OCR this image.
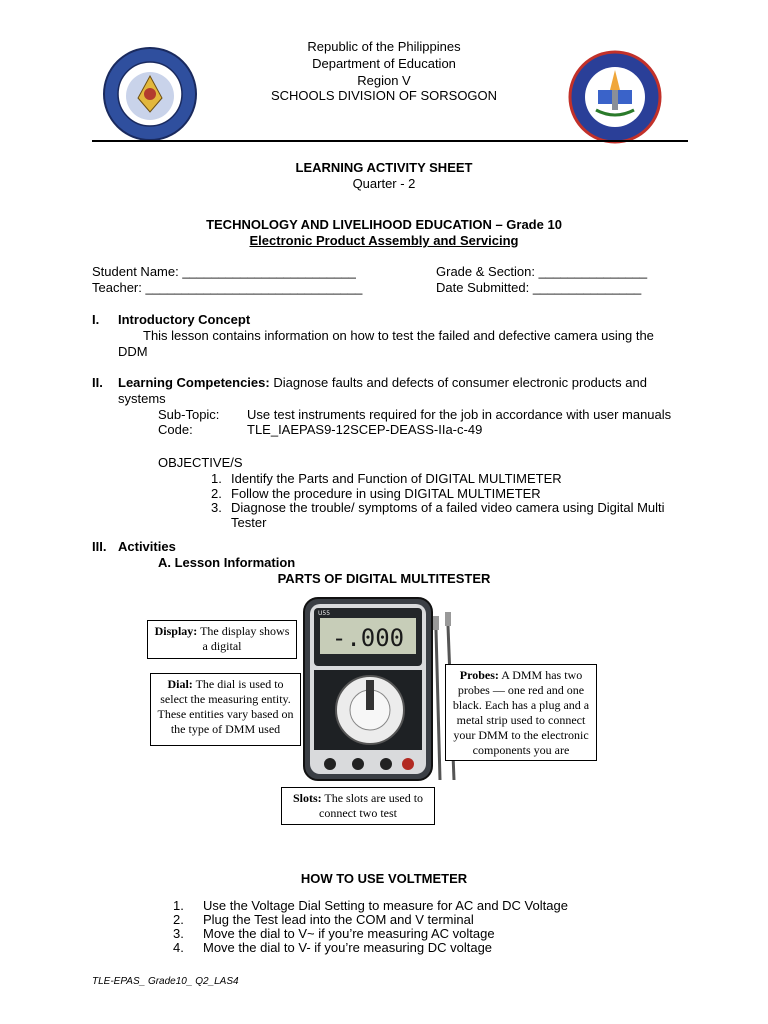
Republic of the Philippines
Department of Education
Region V
SCHOOLS DIVISION OF SORSOGON
LEARNING ACTIVITY SHEET
Quarter - 2
TECHNOLOGY AND LIVELIHOOD EDUCATION – Grade 10
Electronic Product Assembly and Servicing
Student Name: ________________________
Teacher: ______________________________
Grade & Section: _______________
Date Submitted: _______________
I. Introductory Concept
This lesson contains information on how to test the failed and defective camera using the
DDM
II. Learning Competencies: Diagnose faults and defects of consumer electronic products and
systems
Sub-Topic: Use test instruments required for the job in accordance with user manuals
Code:	TLE_IAEPAS9-12SCEP-DEASS-IIa-c-49
OBJECTIVE/S
1. Identify the Parts and Function of DIGITAL MULTIMETER
2. Follow the procedure in using DIGITAL MULTIMETER
3. Diagnose the trouble/ symptoms of a failed video camera using Digital Multi
Tester
III. Activities
A. Lesson Information
PARTS OF DIGITAL MULTITESTER
-.000
U55
Display: The display shows a digital
Dial: The dial is used to select the measuring entity. These entities vary based on the type of DMM used
Probes: A DMM has two probes — one red and one black. Each has a plug and a metal strip used to connect your DMM to the electronic components you are
Slots: The slots are used to connect two test
HOW TO USE VOLTMETER
1. Use the Voltage Dial Setting to measure for AC and DC Voltage
2. Plug the Test lead into the COM and V terminal
3. Move the dial to V~ if you’re measuring AC voltage
4. Move the dial to V- if you’re measuring DC voltage
TLE-EPAS_ Grade10_ Q2_LAS4
